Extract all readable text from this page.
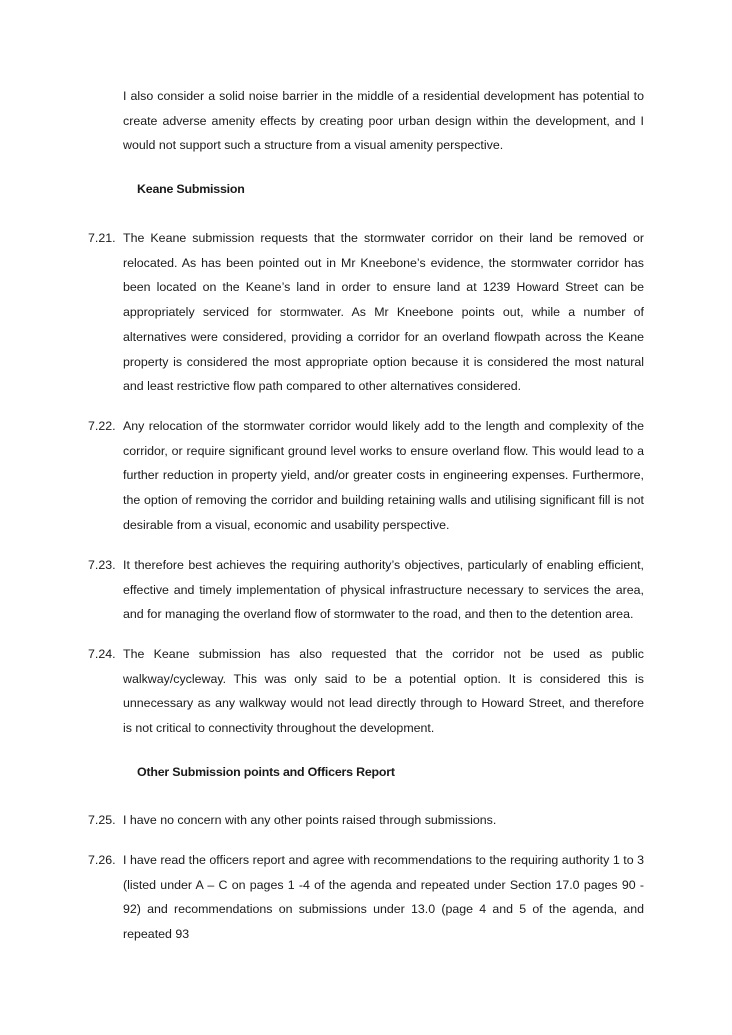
I also consider a solid noise barrier in the middle of a residential development has potential to create adverse amenity effects by creating poor urban design within the development, and I would not support such a structure from a visual amenity perspective.

Keane Submission

7.21. The Keane submission requests that the stormwater corridor on their land be removed or relocated. As has been pointed out in Mr Kneebone’s evidence, the stormwater corridor has been located on the Keane’s land in order to ensure land at 1239 Howard Street can be appropriately serviced for stormwater. As Mr Kneebone points out, while a number of alternatives were considered, providing a corridor for an overland flowpath across the Keane property is considered the most appropriate option because it is considered the most natural and least restrictive flow path compared to other alternatives considered.

7.22. Any relocation of the stormwater corridor would likely add to the length and complexity of the corridor, or require significant ground level works to ensure overland flow. This would lead to a further reduction in property yield, and/or greater costs in engineering expenses. Furthermore, the option of removing the corridor and building retaining walls and utilising significant fill is not desirable from a visual, economic and usability perspective.

7.23. It therefore best achieves the requiring authority’s objectives, particularly of enabling efficient, effective and timely implementation of physical infrastructure necessary to services the area, and for managing the overland flow of stormwater to the road, and then to the detention area.

7.24. The Keane submission has also requested that the corridor not be used as public walkway/cycleway. This was only said to be a potential option. It is considered this is unnecessary as any walkway would not lead directly through to Howard Street, and therefore is not critical to connectivity throughout the development.

Other Submission points and Officers Report

7.25. I have no concern with any other points raised through submissions.

7.26. I have read the officers report and agree with recommendations to the requiring authority 1 to 3 (listed under A – C on pages 1 -4 of the agenda and repeated under Section 17.0 pages 90 - 92) and recommendations on submissions under 13.0 (page 4 and 5 of the agenda, and repeated 93
